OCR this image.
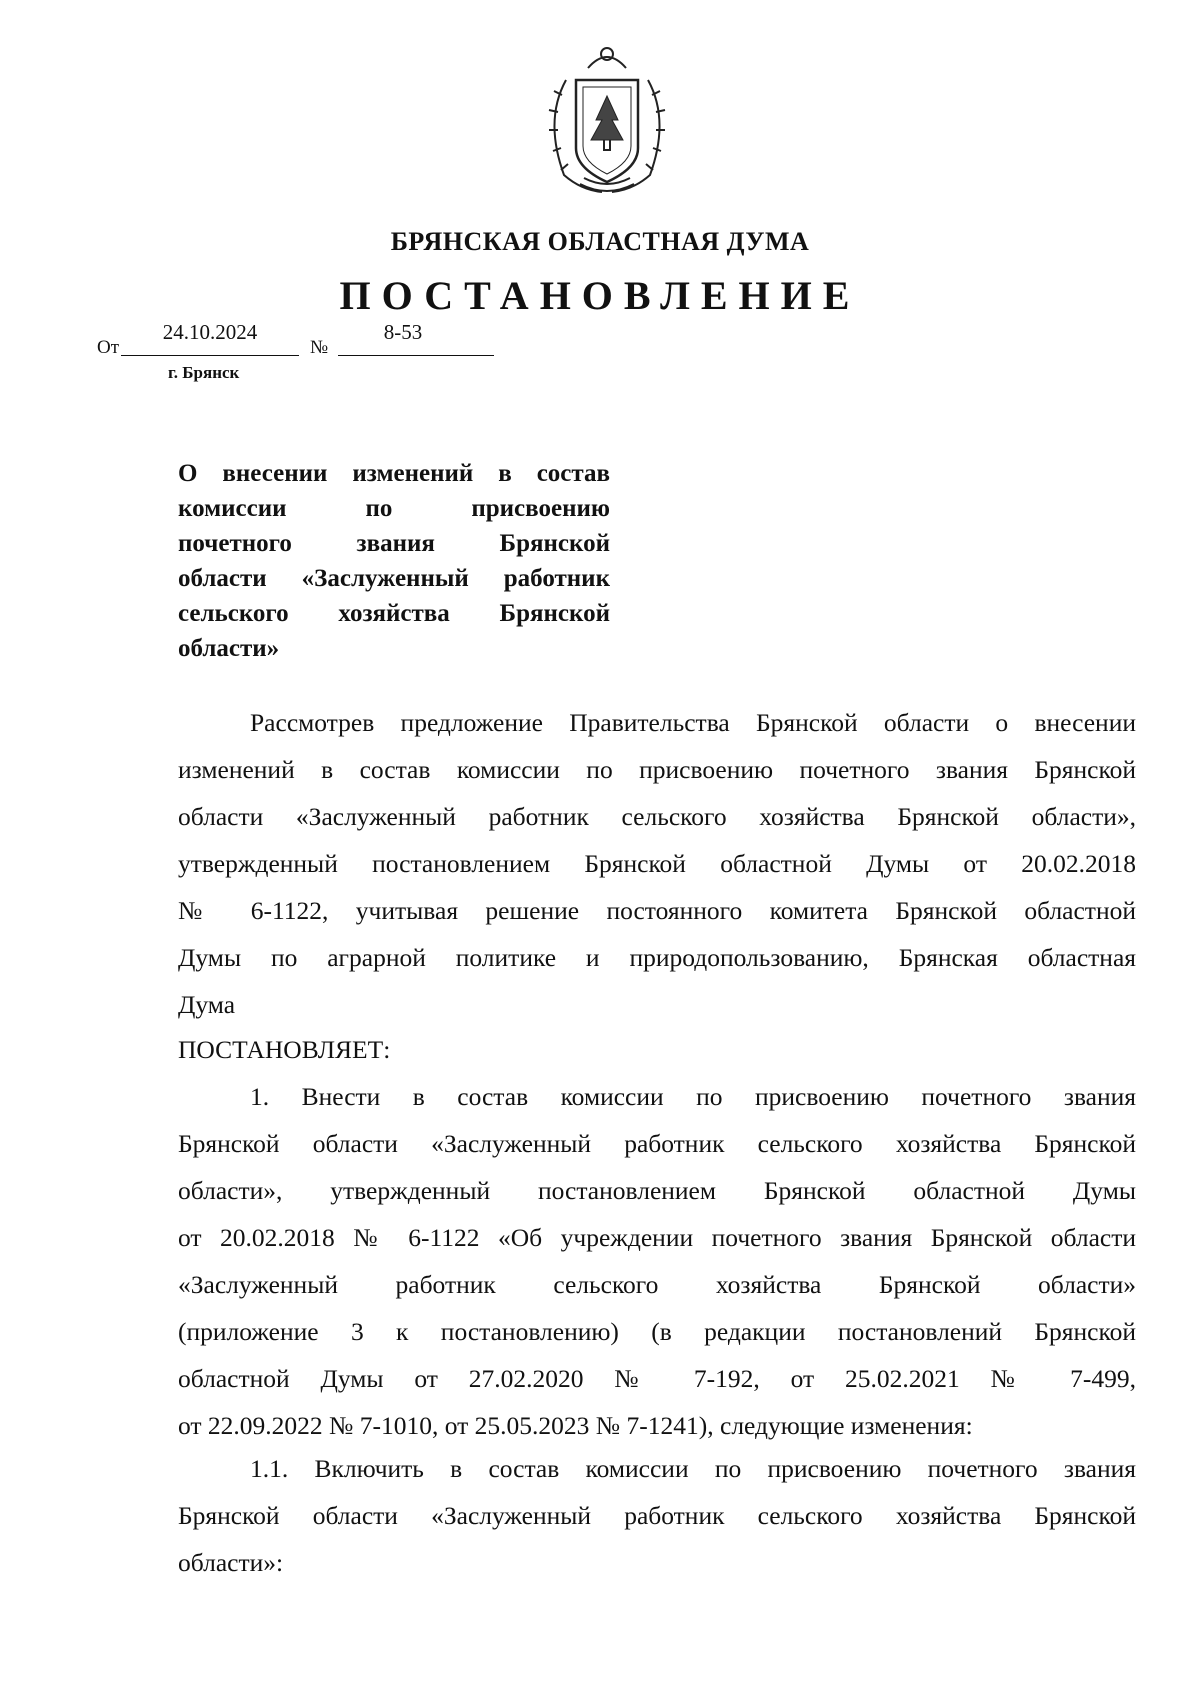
БРЯНСКАЯ ОБЛАСТНАЯ ДУМА
ПОСТАНОВЛЕНИЕ
От
24.10.2024
№
8-53
г. Брянск
О внесении изменений в состав
комиссии по присвоению
почетного звания Брянской
области «Заслуженный работник
сельского хозяйства Брянской
области»
Рассмотрев предложение Правительства Брянской области о внесении
изменений в состав комиссии по присвоению почетного звания Брянской
области «Заслуженный работник сельского хозяйства Брянской области»,
утвержденный постановлением Брянской областной Думы от 20.02.2018
№ 6-1122, учитывая решение постоянного комитета Брянской областной
Думы по аграрной политике и природопользованию, Брянская областная
Дума
ПОСТАНОВЛЯЕТ:
1. Внести в состав комиссии по присвоению почетного звания
Брянской области «Заслуженный работник сельского хозяйства Брянской
области», утвержденный постановлением Брянской областной Думы
от 20.02.2018 № 6-1122 «Об учреждении почетного звания Брянской области
«Заслуженный работник сельского хозяйства Брянской области»
(приложение 3 к постановлению) (в редакции постановлений Брянской
областной Думы от 27.02.2020 № 7-192, от 25.02.2021 № 7-499,
от 22.09.2022 № 7-1010, от 25.05.2023 № 7-1241), следующие изменения:
1.1. Включить в состав комиссии по присвоению почетного звания
Брянской области «Заслуженный работник сельского хозяйства Брянской
области»:
